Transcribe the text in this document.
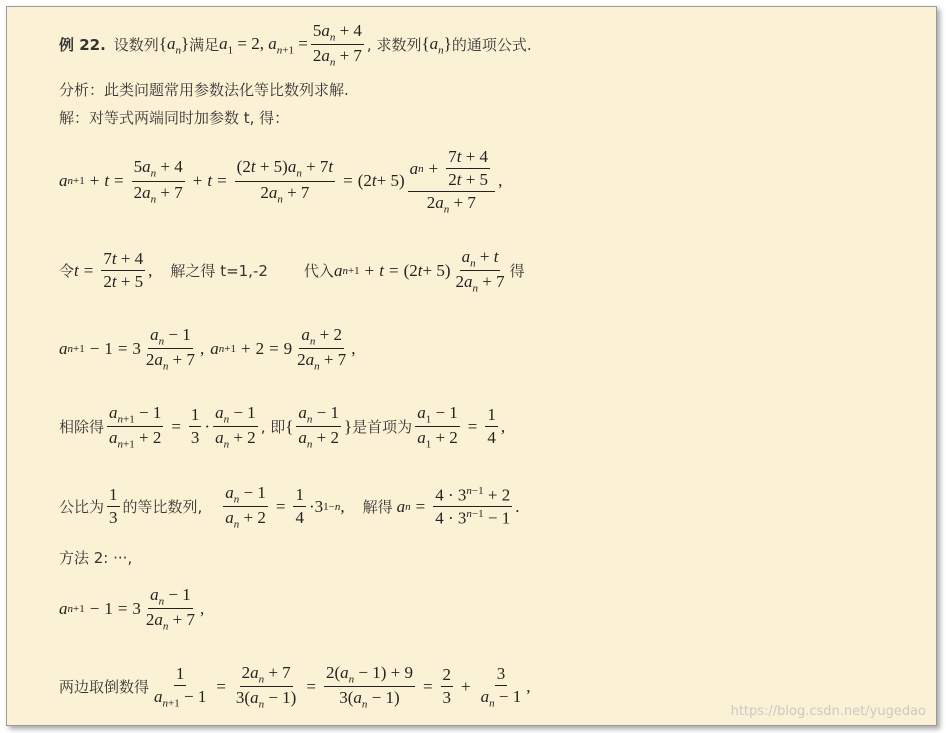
例 22. 设数列 $\{a_n\}$ 满足 $a_1 = 2$, $a_{n+1} = \frac{5a_n + 4}{2a_n + 7}$ , 求数列 $\{a_n\}$ 的通项公式.
分析：此类问题常用参数法化等比数列求解.
解：对等式两端同时加参数 t, 得：
a $n +1 + t = \frac{5a_n + 4}{2a_n + 7} + t = \frac{(2t + 5)a_n + 7t}{2a_n + 7} = (2$ $t + 5) \frac{a n + \frac{7t + 4}{2t + 5}}{2a_n + 7}$ ,
令 $t = \frac{7t + 4}{2t + 5}$ , 解之得 t=1,-2 代入 a n +1 + t = (2 $t + 5) \frac{a_n + t}{2a_n + 7}$ 得
a $n +1 - 1 = 3 \frac{a_n - 1}{2a_n + 7}$ , a $n +1 + 2 = 9 \frac{a_n + 2}{2a_n + 7}$ ,
相除得 $\frac{a_{n+1} - 1}{a_{n+1} + 2} = \frac{1}{3} \cdot \frac{a_n - 1}{a_n + 2}$ , 即 { $\frac{a_n - 1}{a_n + 2}$ } 是首项为 $\frac{a_1 - 1}{a_1 + 2} = \frac{1}{4}$ ,
公比为 $\frac{1}{3}$ 的等比数列, $\frac{a_n - 1}{a_n + 2} = \frac{1}{4} \cdot 3$ 1−n , 解得 a $n = \frac{4 \cdot 3^{n-1} + 2}{4 \cdot 3^{n-1} - 1}$ .
方法 2: ···,
a $n +1 - 1 = 3 \frac{a_n - 1}{2a_n + 7}$ ,
两边取倒数得 $\frac{1}{a_{n+1} - 1} = \frac{2a_n + 7}{3(a_n - 1)} = \frac{2(a_n - 1) + 9}{3(a_n - 1)} = \frac{2}{3} + \frac{3}{a_n - 1}$ ,
https://blog.csdn.net/yugedao
